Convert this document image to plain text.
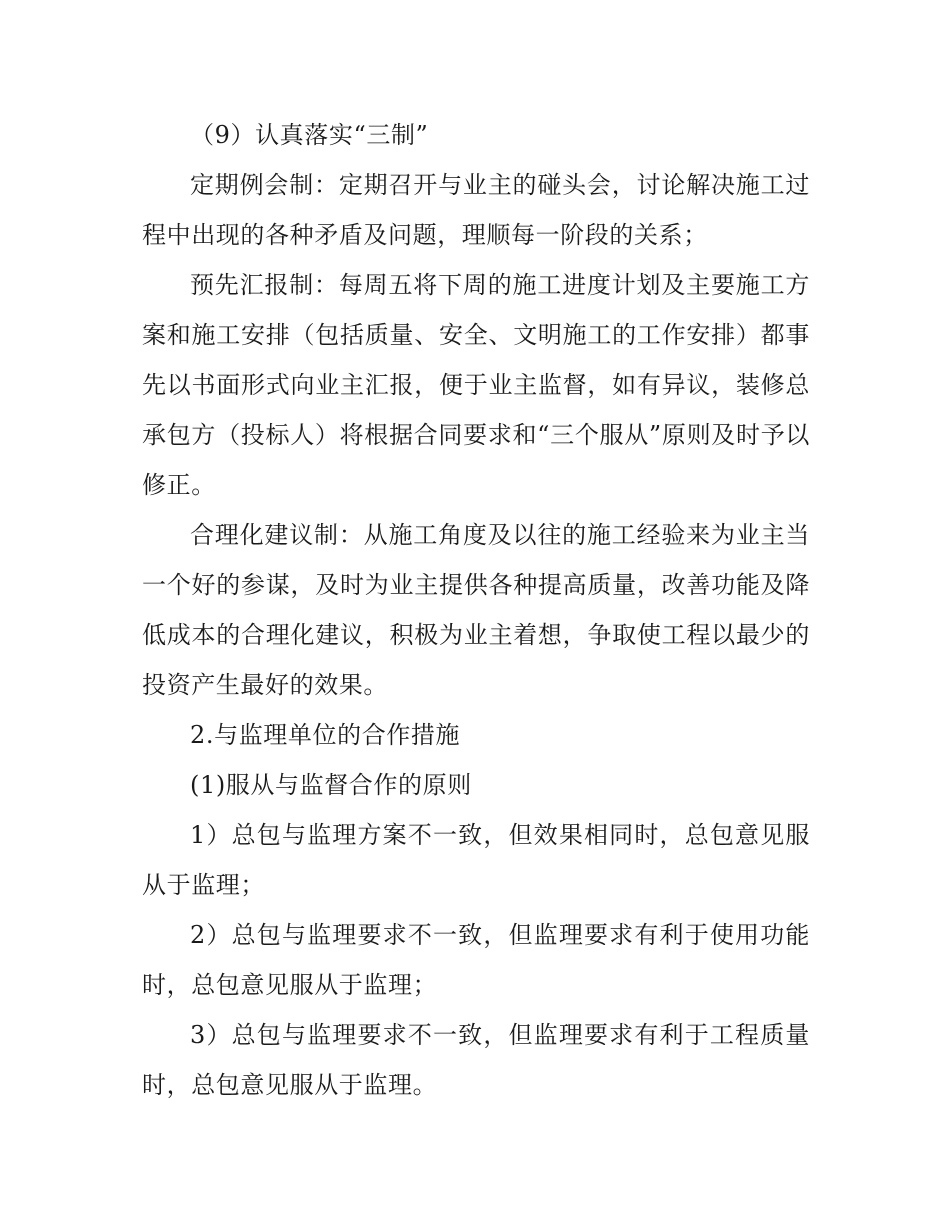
（9）认真落实“三制”

定期例会制：定期召开与业主的碰头会，讨论解决施工过程中出现的各种矛盾及问题，理顺每一阶段的关系；

预先汇报制：每周五将下周的施工进度计划及主要施工方案和施工安排（包括质量、安全、文明施工的工作安排）都事先以书面形式向业主汇报，便于业主监督，如有异议，装修总承包方（投标人）将根据合同要求和“三个服从”原则及时予以修正。

合理化建议制：从施工角度及以往的施工经验来为业主当一个好的参谋，及时为业主提供各种提高质量，改善功能及降低成本的合理化建议，积极为业主着想，争取使工程以最少的投资产生最好的效果。

2.与监理单位的合作措施

(1)服从与监督合作的原则

1）总包与监理方案不一致，但效果相同时，总包意见服从于监理；

2）总包与监理要求不一致，但监理要求有利于使用功能时，总包意见服从于监理；

3）总包与监理要求不一致，但监理要求有利于工程质量时，总包意见服从于监理。
